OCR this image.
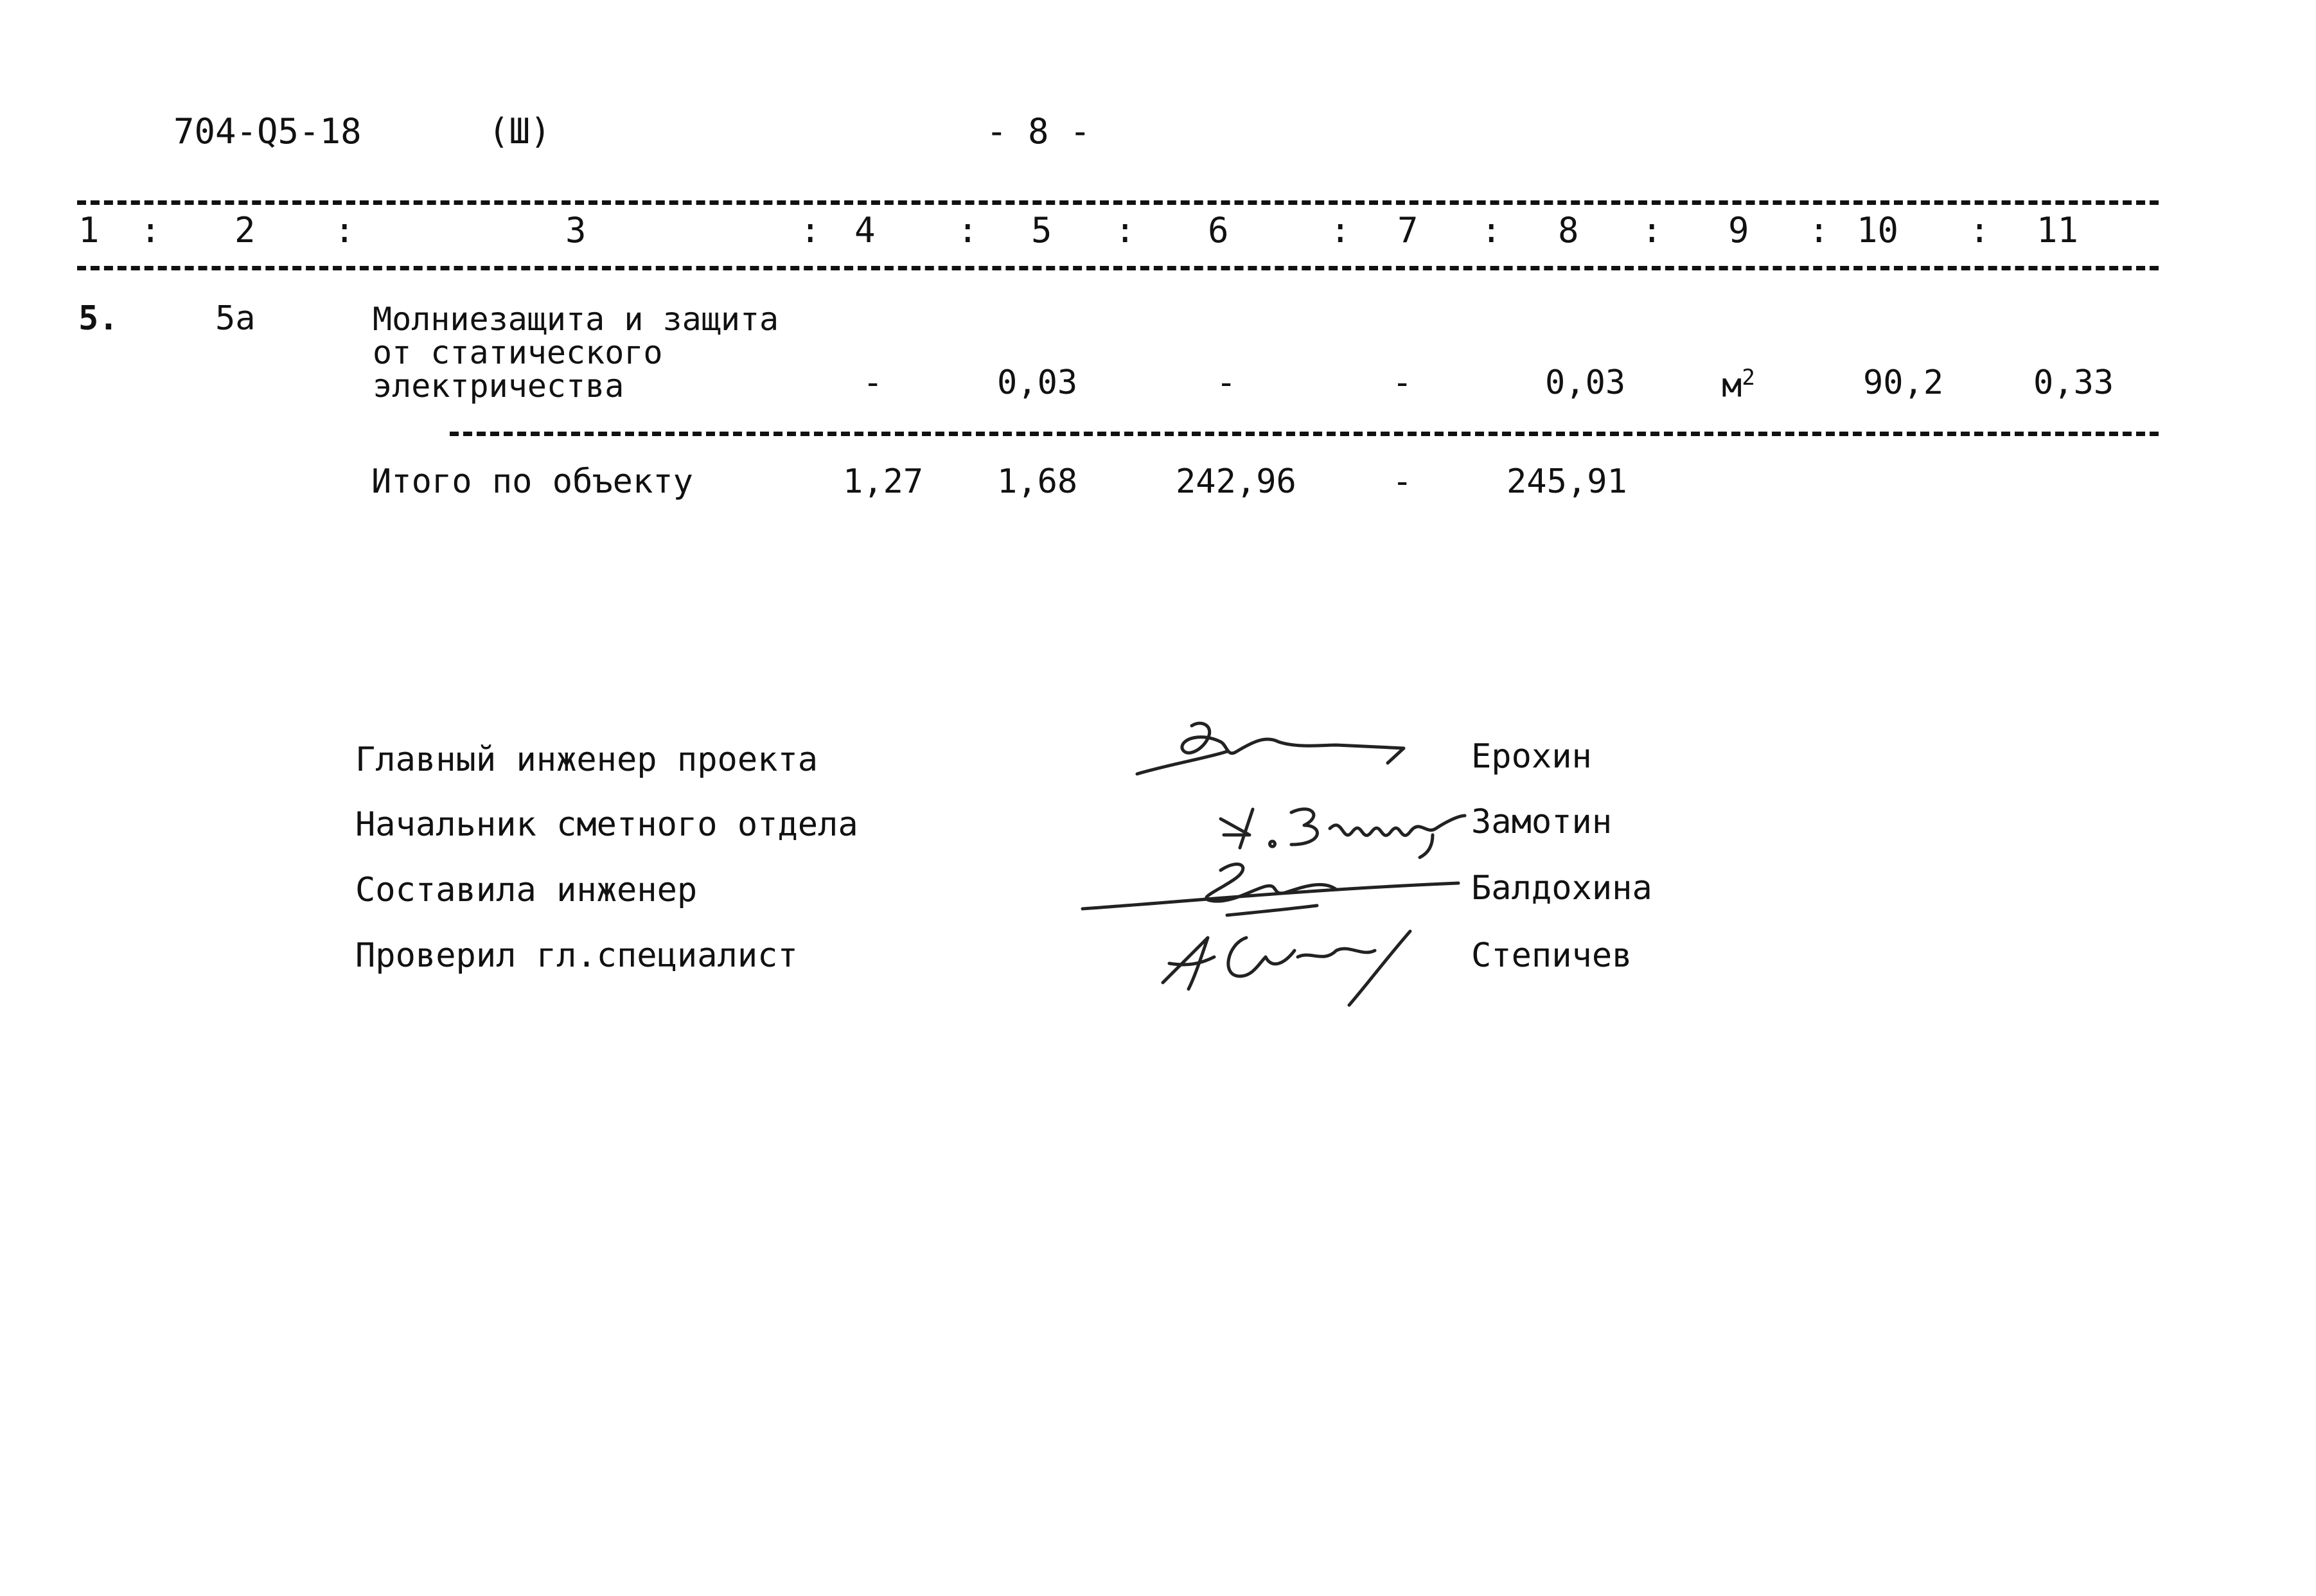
704-Q5-18	(Ш)	- 8 -
1 : 2 :	3	: 4 : 5 : 6	: 7 : 8 : 9 : 10 : 11
5.	5а	Молниезащита и защита
от статического
электричества	-	0,03	-	-	0,03	$м^2$	90,2	0,33
Итого по объекту	1,27 1,68	242,96	-	245,91
Главный инженер проекта
Начальник сметного отдела
Составила инженер
Проверил гл.специалист
Ерохин
Замотин
Балдохина
Степичев
